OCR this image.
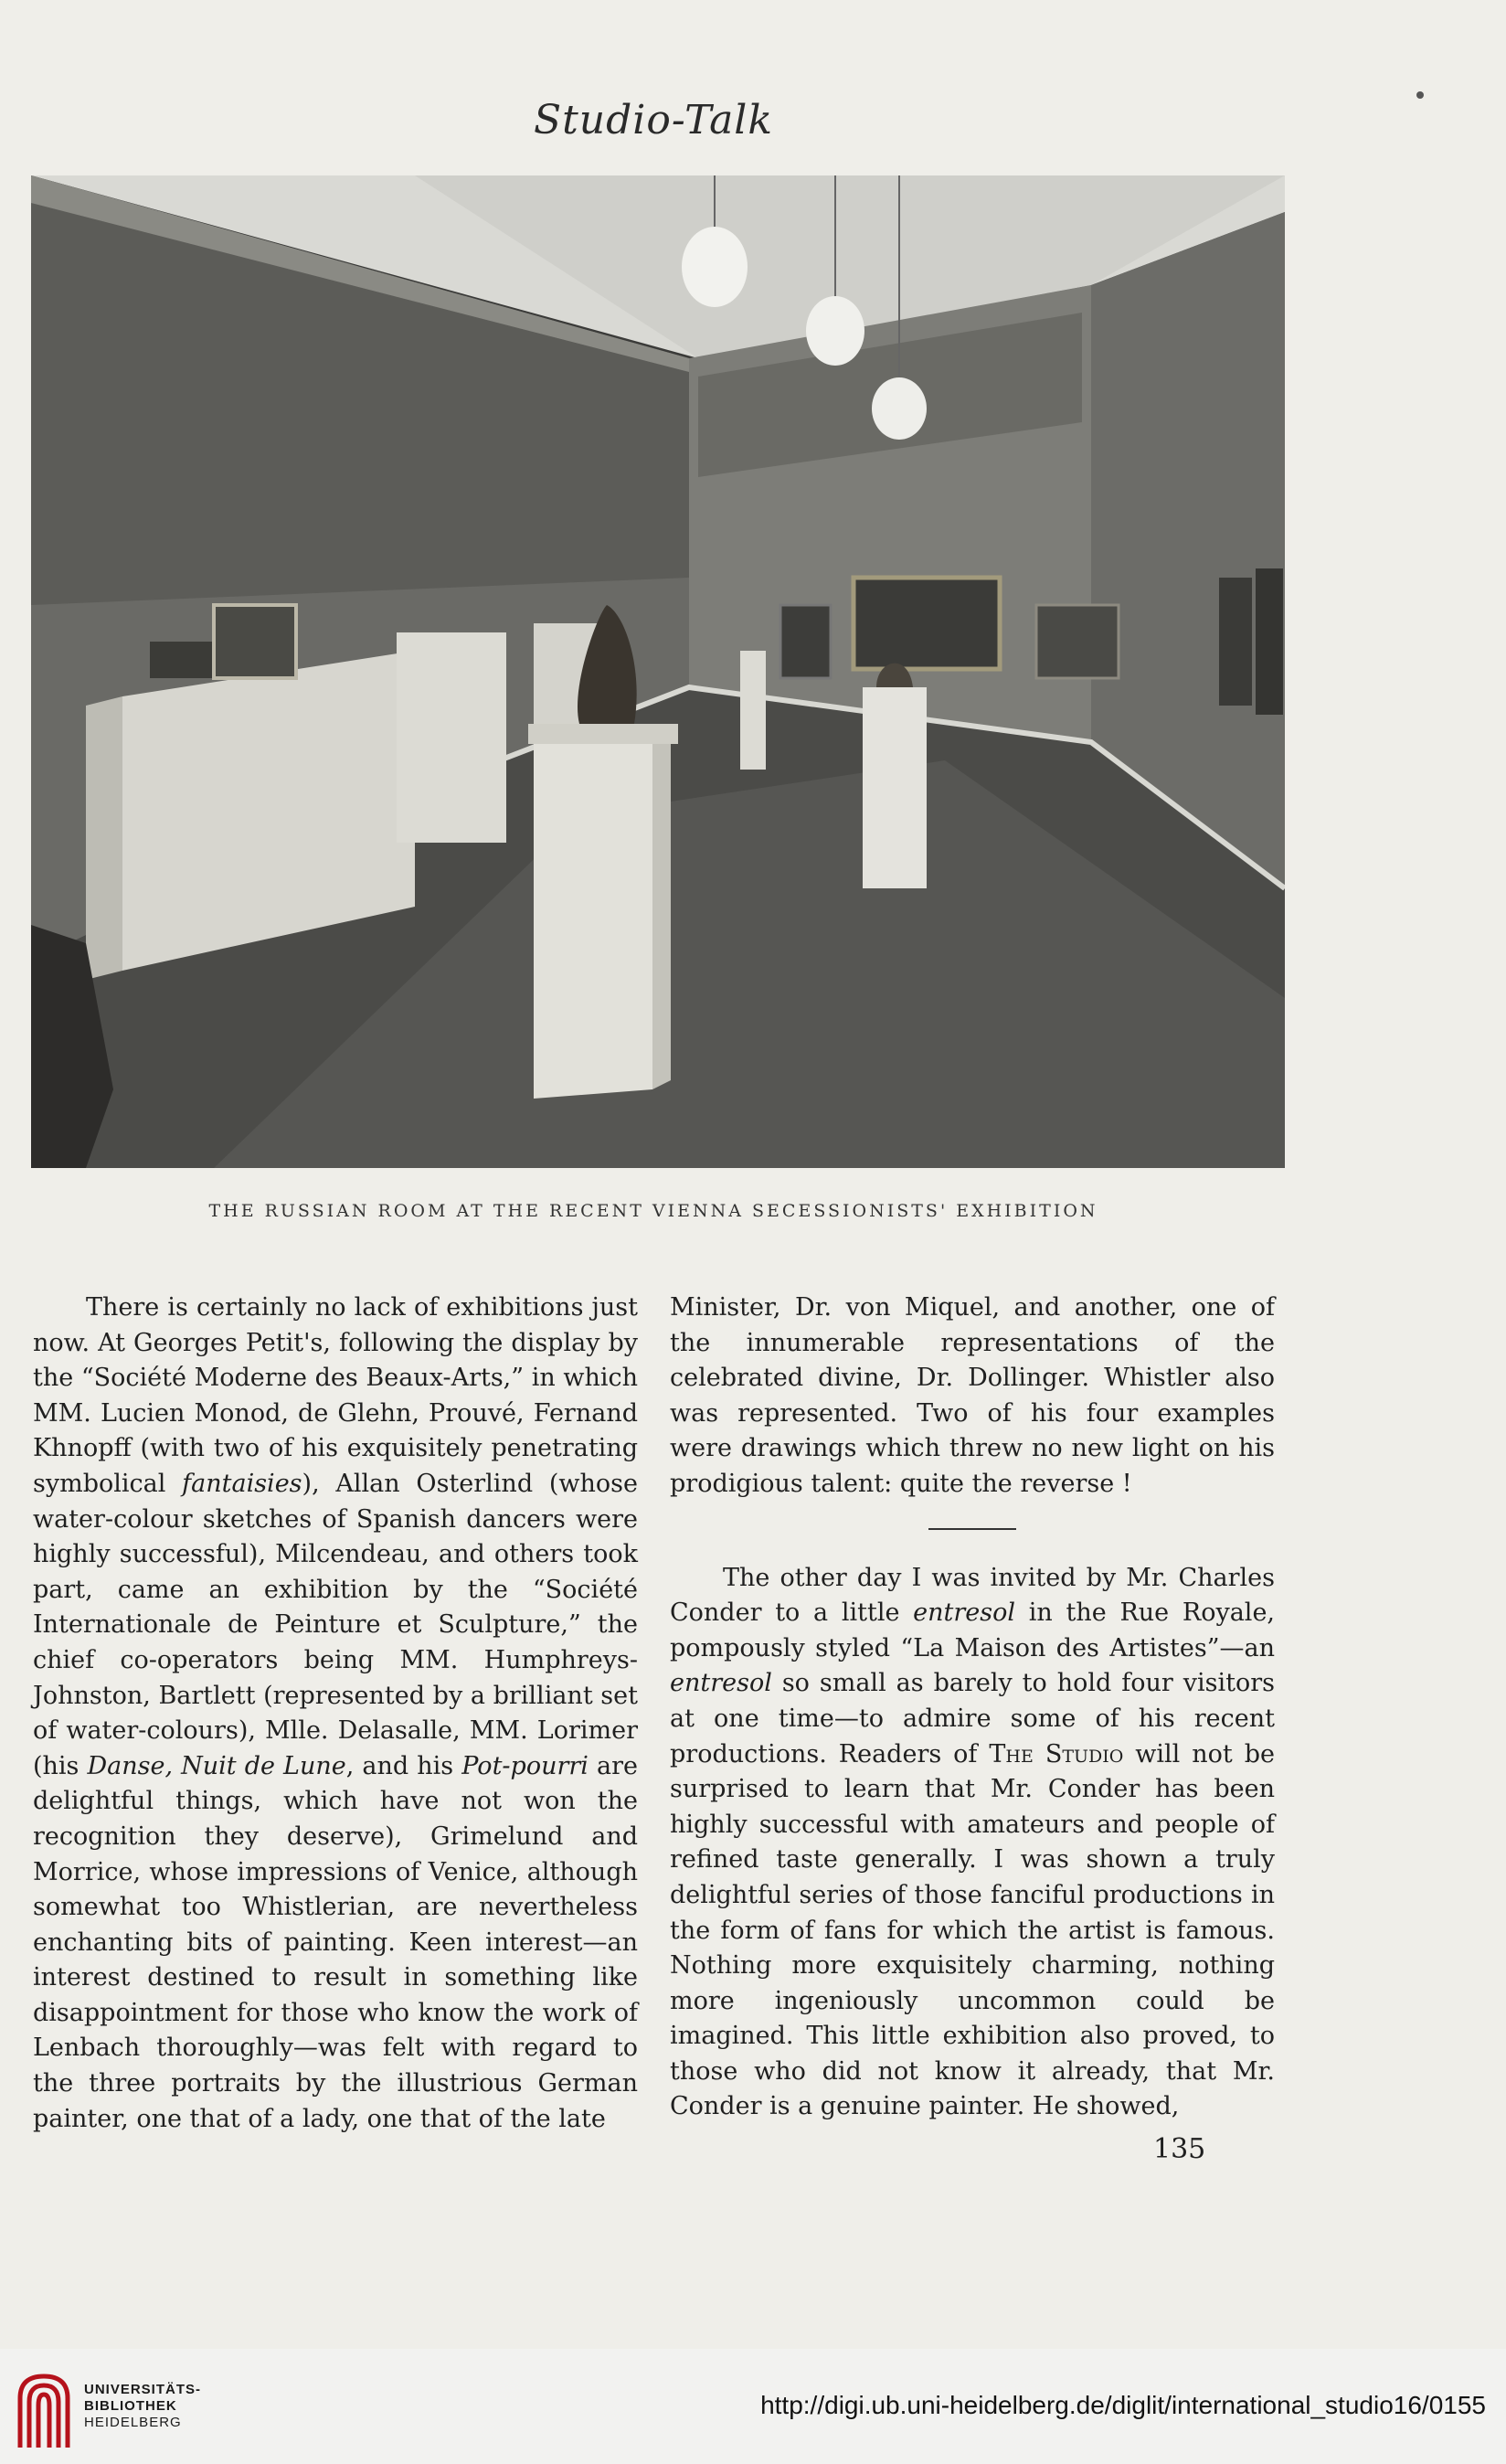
Studio-Talk
THE RUSSIAN ROOM AT THE RECENT VIENNA SECESSIONISTS' EXHIBITION

There is certainly no lack of exhibitions just now. At Georges Petit's, following the display by the “Société Moderne des Beaux-Arts,” in which MM. Lucien Monod, de Glehn, Prouvé, Fernand Khnopff (with two of his exquisitely penetrating symbolical fantaisies), Allan Osterlind (whose water-colour sketches of Spanish dancers were highly successful), Milcendeau, and others took part, came an exhibition by the “Société Internationale de Peinture et Sculpture,” the chief co-operators being MM. Humphreys-Johnston, Bartlett (represented by a brilliant set of water-colours), Mlle. Delasalle, MM. Lorimer (his Danse, Nuit de Lune, and his Pot-pourri are delightful things, which have not won the recognition they deserve), Grimelund and Morrice, whose impressions of Venice, although somewhat too Whistlerian, are nevertheless enchanting bits of painting. Keen interest—an interest destined to result in something like disappointment for those who know the work of Lenbach thoroughly—was felt with regard to the three portraits by the illustrious German painter, one that of a lady, one that of the late

Minister, Dr. von Miquel, and another, one of the innumerable representations of the celebrated divine, Dr. Dollinger. Whistler also was represented. Two of his four examples were drawings which threw no new light on his prodigious talent: quite the reverse !

The other day I was invited by Mr. Charles Conder to a little entresol in the Rue Royale, pompously styled “La Maison des Artistes”—an entresol so small as barely to hold four visitors at one time—to admire some of his recent productions. Readers of The Studio will not be surprised to learn that Mr. Conder has been highly successful with amateurs and people of refined taste generally. I was shown a truly delightful series of those fanciful productions in the form of fans for which the artist is famous. Nothing more exquisitely charming, nothing more ingeniously uncommon could be imagined. This little exhibition also proved, to those who did not know it already, that Mr. Conder is a genuine painter. He showed,

135
UNIVERSITÄTS-
BIBLIOTHEK
HEIDELBERG
http://digi.ub.uni-heidelberg.de/diglit/international_studio16/0155
